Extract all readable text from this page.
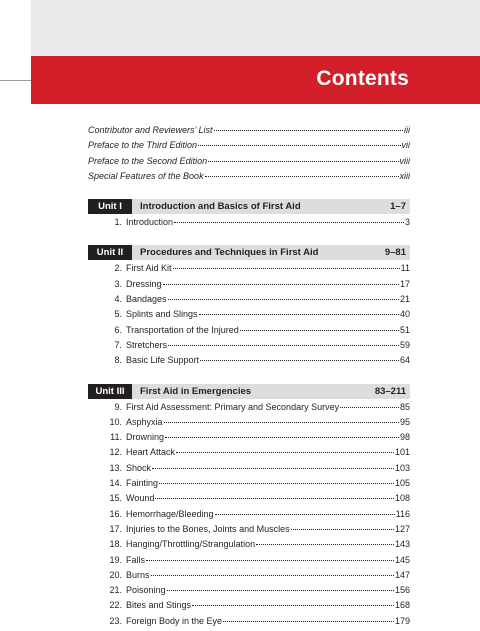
Contents
Contributor and Reviewers’ List	iii
Preface to the Third Edition	vii
Preface to the Second Edition	viii
Special Features of the Book	xiii
Unit I	Introduction and Basics of First Aid	1–7
1. Introduction	3
Unit II	Procedures and Techniques in First Aid	9–81
2. First Aid Kit	11
3. Dressing	17
4. Bandages	21
5. Splints and Slings	40
6. Transportation of the Injured	51
7. Stretchers	59
8. Basic Life Support	64
Unit III	First Aid in Emergencies	83–211
9. First Aid Assessment: Primary and Secondary Survey	85
10. Asphyxia	95
11. Drowning	98
12. Heart Attack	101
13. Shock	103
14. Fainting	105
15. Wound	108
16. Hemorrhage/Bleeding	116
17. Injuries to the Bones, Joints and Muscles	127
18. Hanging/Throttling/Strangulation	143
19. Falls	145
20. Burns	147
21. Poisoning	156
22. Bites and Stings	168
23. Foreign Body in the Eye	179
